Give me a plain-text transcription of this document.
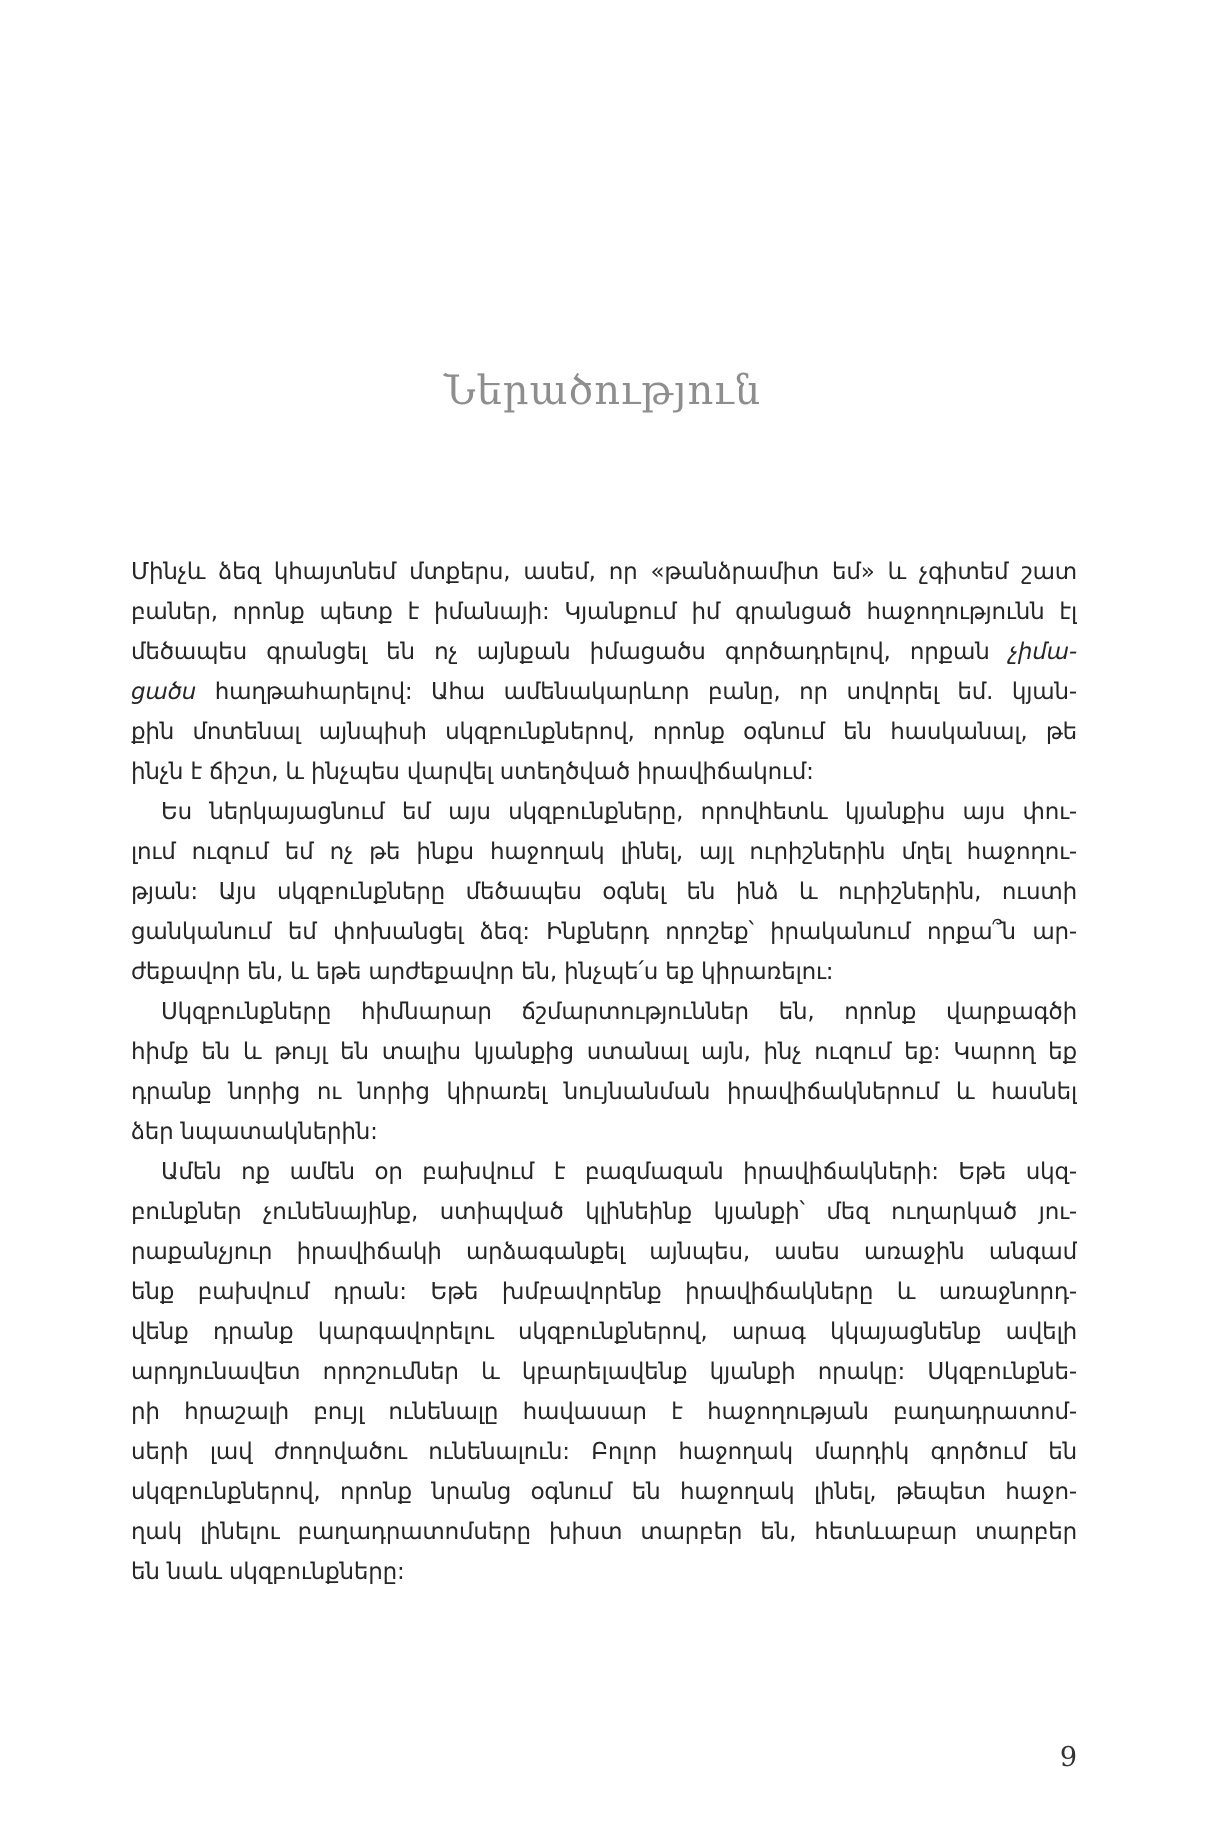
Ներածություն
Մինչև ձեզ կհայտնեմ մտքերս, ասեմ, որ «թանձրամիտ եմ» և չգիտեմ շատ
բաներ, որոնք պետք է իմանայի: Կյանքում իմ գրանցած հաջողությունն էլ
մեծապես գրանցել են ոչ այնքան իմացածս գործադրելով, որքան չիմա-
ցածս հաղթահարելով: Ահա ամենակարևոր բանը, որ սովորել եմ. կյան-
քին մոտենալ այնպիսի սկզբունքներով, որոնք օգնում են հասկանալ, թե
ինչն է ճիշտ, և ինչպես վարվել ստեղծված իրավիճակում:
Ես ներկայացնում եմ այս սկզբունքները, որովհետև կյանքիս այս փու-
լում ուզում եմ ոչ թե ինքս հաջողակ լինել, այլ ուրիշներին մղել հաջողու-
թյան: Այս սկզբունքները մեծապես օգնել են ինձ և ուրիշներին, ուստի
ցանկանում եմ փոխանցել ձեզ: Ինքներդ որոշեք՝ իրականում որքա՞ն ար-
ժեքավոր են, և եթե արժեքավոր են, ինչպե՛ս եք կիրառելու:
Սկզբունքները հիմնարար ճշմարտություններ են, որոնք վարքագծի
հիմք են և թույլ են տալիս կյանքից ստանալ այն, ինչ ուզում եք: Կարող եք
դրանք նորից ու նորից կիրառել նույնանման իրավիճակներում և հասնել
ձեր նպատակներին:
Ամեն ոք ամեն օր բախվում է բազմազան իրավիճակների: Եթե սկզ-
բունքներ չունենայինք, ստիպված կլինեինք կյանքի՝ մեզ ուղարկած յու-
րաքանչյուր իրավիճակի արձագանքել այնպես, ասես առաջին անգամ
ենք բախվում դրան: Եթե խմբավորենք իրավիճակները և առաջնորդ-
վենք դրանք կարգավորելու սկզբունքներով, արագ կկայացնենք ավելի
արդյունավետ որոշումներ և կբարելավենք կյանքի որակը: Սկզբունքնե-
րի հրաշալի բույլ ունենալը հավասար է հաջողության բաղադրատոմ-
սերի լավ ժողովածու ունենալուն: Բոլոր հաջողակ մարդիկ գործում են
սկզբունքներով, որոնք նրանց օգնում են հաջողակ լինել, թեպետ հաջո-
ղակ լինելու բաղադրատոմսերը խիստ տարբեր են, հետևաբար տարբեր
են նաև սկզբունքները:
9
